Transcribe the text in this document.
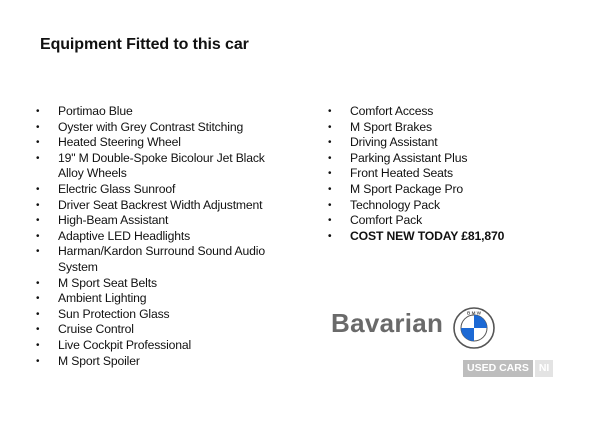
Equipment Fitted to this car
• Portimao Blue
• Oyster with Grey Contrast Stitching
• Heated Steering Wheel
• 19" M Double-Spoke Bicolour Jet Black Alloy Wheels
• Electric Glass Sunroof
• Driver Seat Backrest Width Adjustment
• High-Beam Assistant
• Adaptive LED Headlights
• Harman/Kardon Surround Sound Audio System
• M Sport Seat Belts
• Ambient Lighting
• Sun Protection Glass
• Cruise Control
• Live Cockpit Professional
• M Sport Spoiler
• Comfort Access
• M Sport Brakes
• Driving Assistant
• Parking Assistant Plus
• Front Heated Seats
• M Sport Package Pro
• Technology Pack
• Comfort Pack
• COST NEW TODAY £81,870
Bavarian	B M W
USED CARS NI
